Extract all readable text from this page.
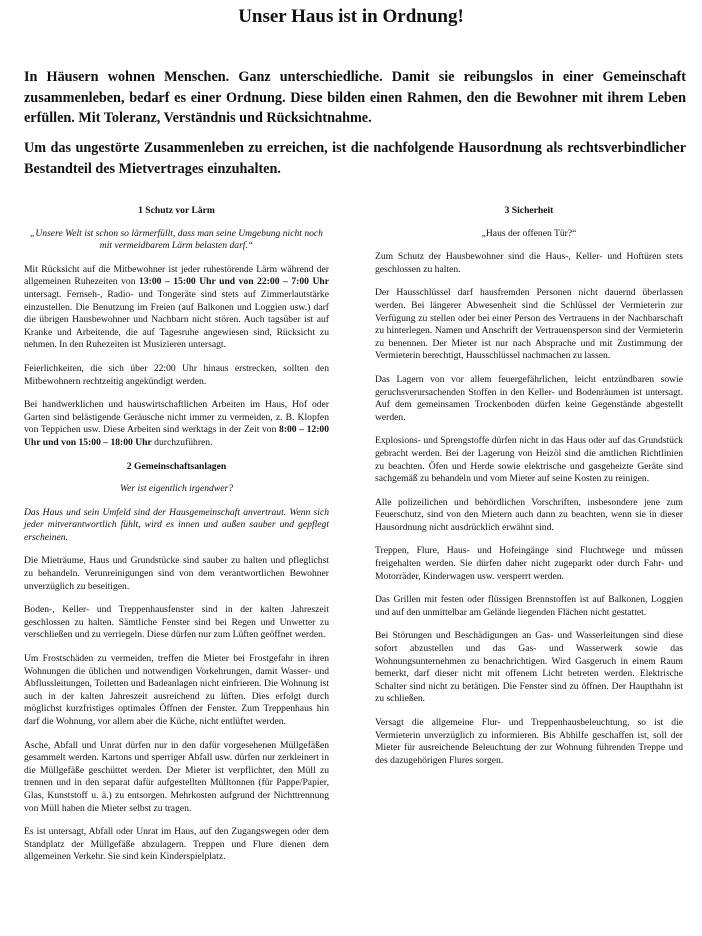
Unser Haus ist in Ordnung!

In Häusern wohnen Menschen. Ganz unterschiedliche. Damit sie reibungslos in einer Gemeinschaft zusammenleben, bedarf es einer Ordnung. Diese bilden einen Rahmen, den die Bewohner mit ihrem Leben erfüllen. Mit Toleranz, Verständnis und Rücksichtnahme.

Um das ungestörte Zusammenleben zu erreichen, ist die nachfolgende Hausordnung als rechtsverbindlicher Bestandteil des Mietvertrages einzuhalten.

1 Schutz vor Lärm
„Unsere Welt ist schon so lärmerfüllt, dass man seine Umgebung nicht noch mit vermeidbarem Lärm belasten darf.“

Mit Rücksicht auf die Mitbewohner ist jeder ruhestörende Lärm während der allgemeinen Ruhezeiten von 13:00 – 15:00 Uhr und von 22:00 – 7:00 Uhr untersagt. Fernseh-, Radio- und Tongeräte sind stets auf Zimmerlautstärke einzustellen. Die Benutzung im Freien (auf Balkonen und Loggien usw.) darf die übrigen Hausbewohner und Nachbarn nicht stören. Auch tagsüber ist auf Kranke und Arbeitende, die auf Tagesruhe angewiesen sind, Rücksicht zu nehmen. In den Ruhezeiten ist Musizieren untersagt.

Feierlichkeiten, die sich über 22:00 Uhr hinaus erstrecken, sollten den Mitbewohnern rechtzeitig angekündigt werden.

Bei handwerklichen und hauswirtschaftlichen Arbeiten im Haus, Hof oder Garten sind belästigende Geräusche nicht immer zu vermeiden, z. B. Klopfen von Teppichen usw. Diese Arbeiten sind werktags in der Zeit von 8:00 – 12:00 Uhr und von 15:00 – 18:00 Uhr durchzuführen.

2 Gemeinschaftsanlagen
Wer ist eigentlich irgendwer?

Das Haus und sein Umfeld sind der Hausgemeinschaft anvertraut. Wenn sich jeder mitverantwortlich fühlt, wird es innen und außen sauber und gepflegt erscheinen.

Die Mieträume, Haus und Grundstücke sind sauber zu halten und pfleglichst zu behandeln. Verunreinigungen sind von dem verantwortlichen Bewohner unverzüglich zu beseitigen.

Boden-, Keller- und Treppenhausfenster sind in der kalten Jahreszeit geschlossen zu halten. Sämtliche Fenster sind bei Regen und Unwetter zu verschließen und zu verriegeln. Diese dürfen nur zum Lüften geöffnet werden.

Um Frostschäden zu vermeiden, treffen die Mieter bei Frostgefahr in ihren Wohnungen die üblichen und notwendigen Vorkehrungen, damit Wasser- und Abflussleitungen, Toiletten und Badeanlagen nicht einfrieren. Die Wohnung ist auch in der kalten Jahreszeit ausreichend zu lüften. Dies erfolgt durch möglichst kurzfristiges optimales Öffnen der Fenster. Zum Treppenhaus hin darf die Wohnung, vor allem aber die Küche, nicht entlüftet werden.

Asche, Abfall und Unrat dürfen nur in den dafür vorgesehenen Müllgefäßen gesammelt werden. Kartons und sperriger Abfall usw. dürfen nur zerkleinert in die Müllgefäße geschüttet werden. Der Mieter ist verpflichtet, den Müll zu trennen und in den separat dafür aufgestellten Mülltonnen (für Pappe/Papier, Glas, Kunststoff u. ä.) zu entsorgen. Mehrkosten aufgrund der Nichttrennung von Müll haben die Mieter selbst zu tragen.

Es ist untersagt, Abfall oder Unrat im Haus, auf den Zugangswegen oder dem Standplatz der Müllgefäße abzulagern. Treppen und Flure dienen dem allgemeinen Verkehr. Sie sind kein Kinderspielplatz.

3 Sicherheit
„Haus der offenen Tür?“

Zum Schutz der Hausbewohner sind die Haus-, Keller- und Hoftüren stets geschlossen zu halten.

Der Hausschlüssel darf hausfremden Personen nicht dauernd überlassen werden. Bei längerer Abwesenheit sind die Schlüssel der Vermieterin zur Verfügung zu stellen oder bei einer Person des Vertrauens in der Nachbarschaft zu hinterlegen. Namen und Anschrift der Vertrauensperson sind der Vermieterin zu benennen. Der Mieter ist nur nach Absprache und mit Zustimmung der Vermieterin berechtigt, Hausschlüssel nachmachen zu lassen.

Das Lagern von vor allem feuergefährlichen, leicht entzündbaren sowie geruchsverursachenden Stoffen in den Keller- und Bodenräumen ist untersagt. Auf dem gemeinsamen Trockenboden dürfen keine Gegenstände abgestellt werden.

Explosions- und Sprengstoffe dürfen nicht in das Haus oder auf das Grundstück gebracht werden. Bei der Lagerung von Heizöl sind die amtlichen Richtlinien zu beachten. Öfen und Herde sowie elektrische und gasgeheizte Geräte sind sachgemäß zu behandeln und vom Mieter auf seine Kosten zu reinigen.

Alle polizeilichen und behördlichen Vorschriften, insbesondere jene zum Feuerschutz, sind von den Mietern auch dann zu beachten, wenn sie in dieser Hausordnung nicht ausdrücklich erwähnt sind.

Treppen, Flure, Haus- und Hofeingänge sind Fluchtwege und müssen freigehalten werden. Sie dürfen daher nicht zugeparkt oder durch Fahr- und Motorräder, Kinderwagen usw. versperrt werden.

Das Grillen mit festen oder flüssigen Brennstoffen ist auf Balkonen, Loggien und auf den unmittelbar am Gelände liegenden Flächen nicht gestattet.

Bei Störungen und Beschädigungen an Gas- und Wasserleitungen sind diese sofort abzustellen und das Gas- und Wasserwerk sowie das Wohnungsunternehmen zu benachrichtigen. Wird Gasgeruch in einem Raum bemerkt, darf dieser nicht mit offenem Licht betreten werden. Elektrische Schalter sind nicht zu betätigen. Die Fenster sind zu öffnen. Der Haupthahn ist zu schließen.

Versagt die allgemeine Flur- und Treppenhausbeleuchtung, so ist die Vermieterin unverzüglich zu informieren. Bis Abhilfe geschaffen ist, soll der Mieter für ausreichende Beleuchtung der zur Wohnung führenden Treppe und des dazugehörigen Flures sorgen.
